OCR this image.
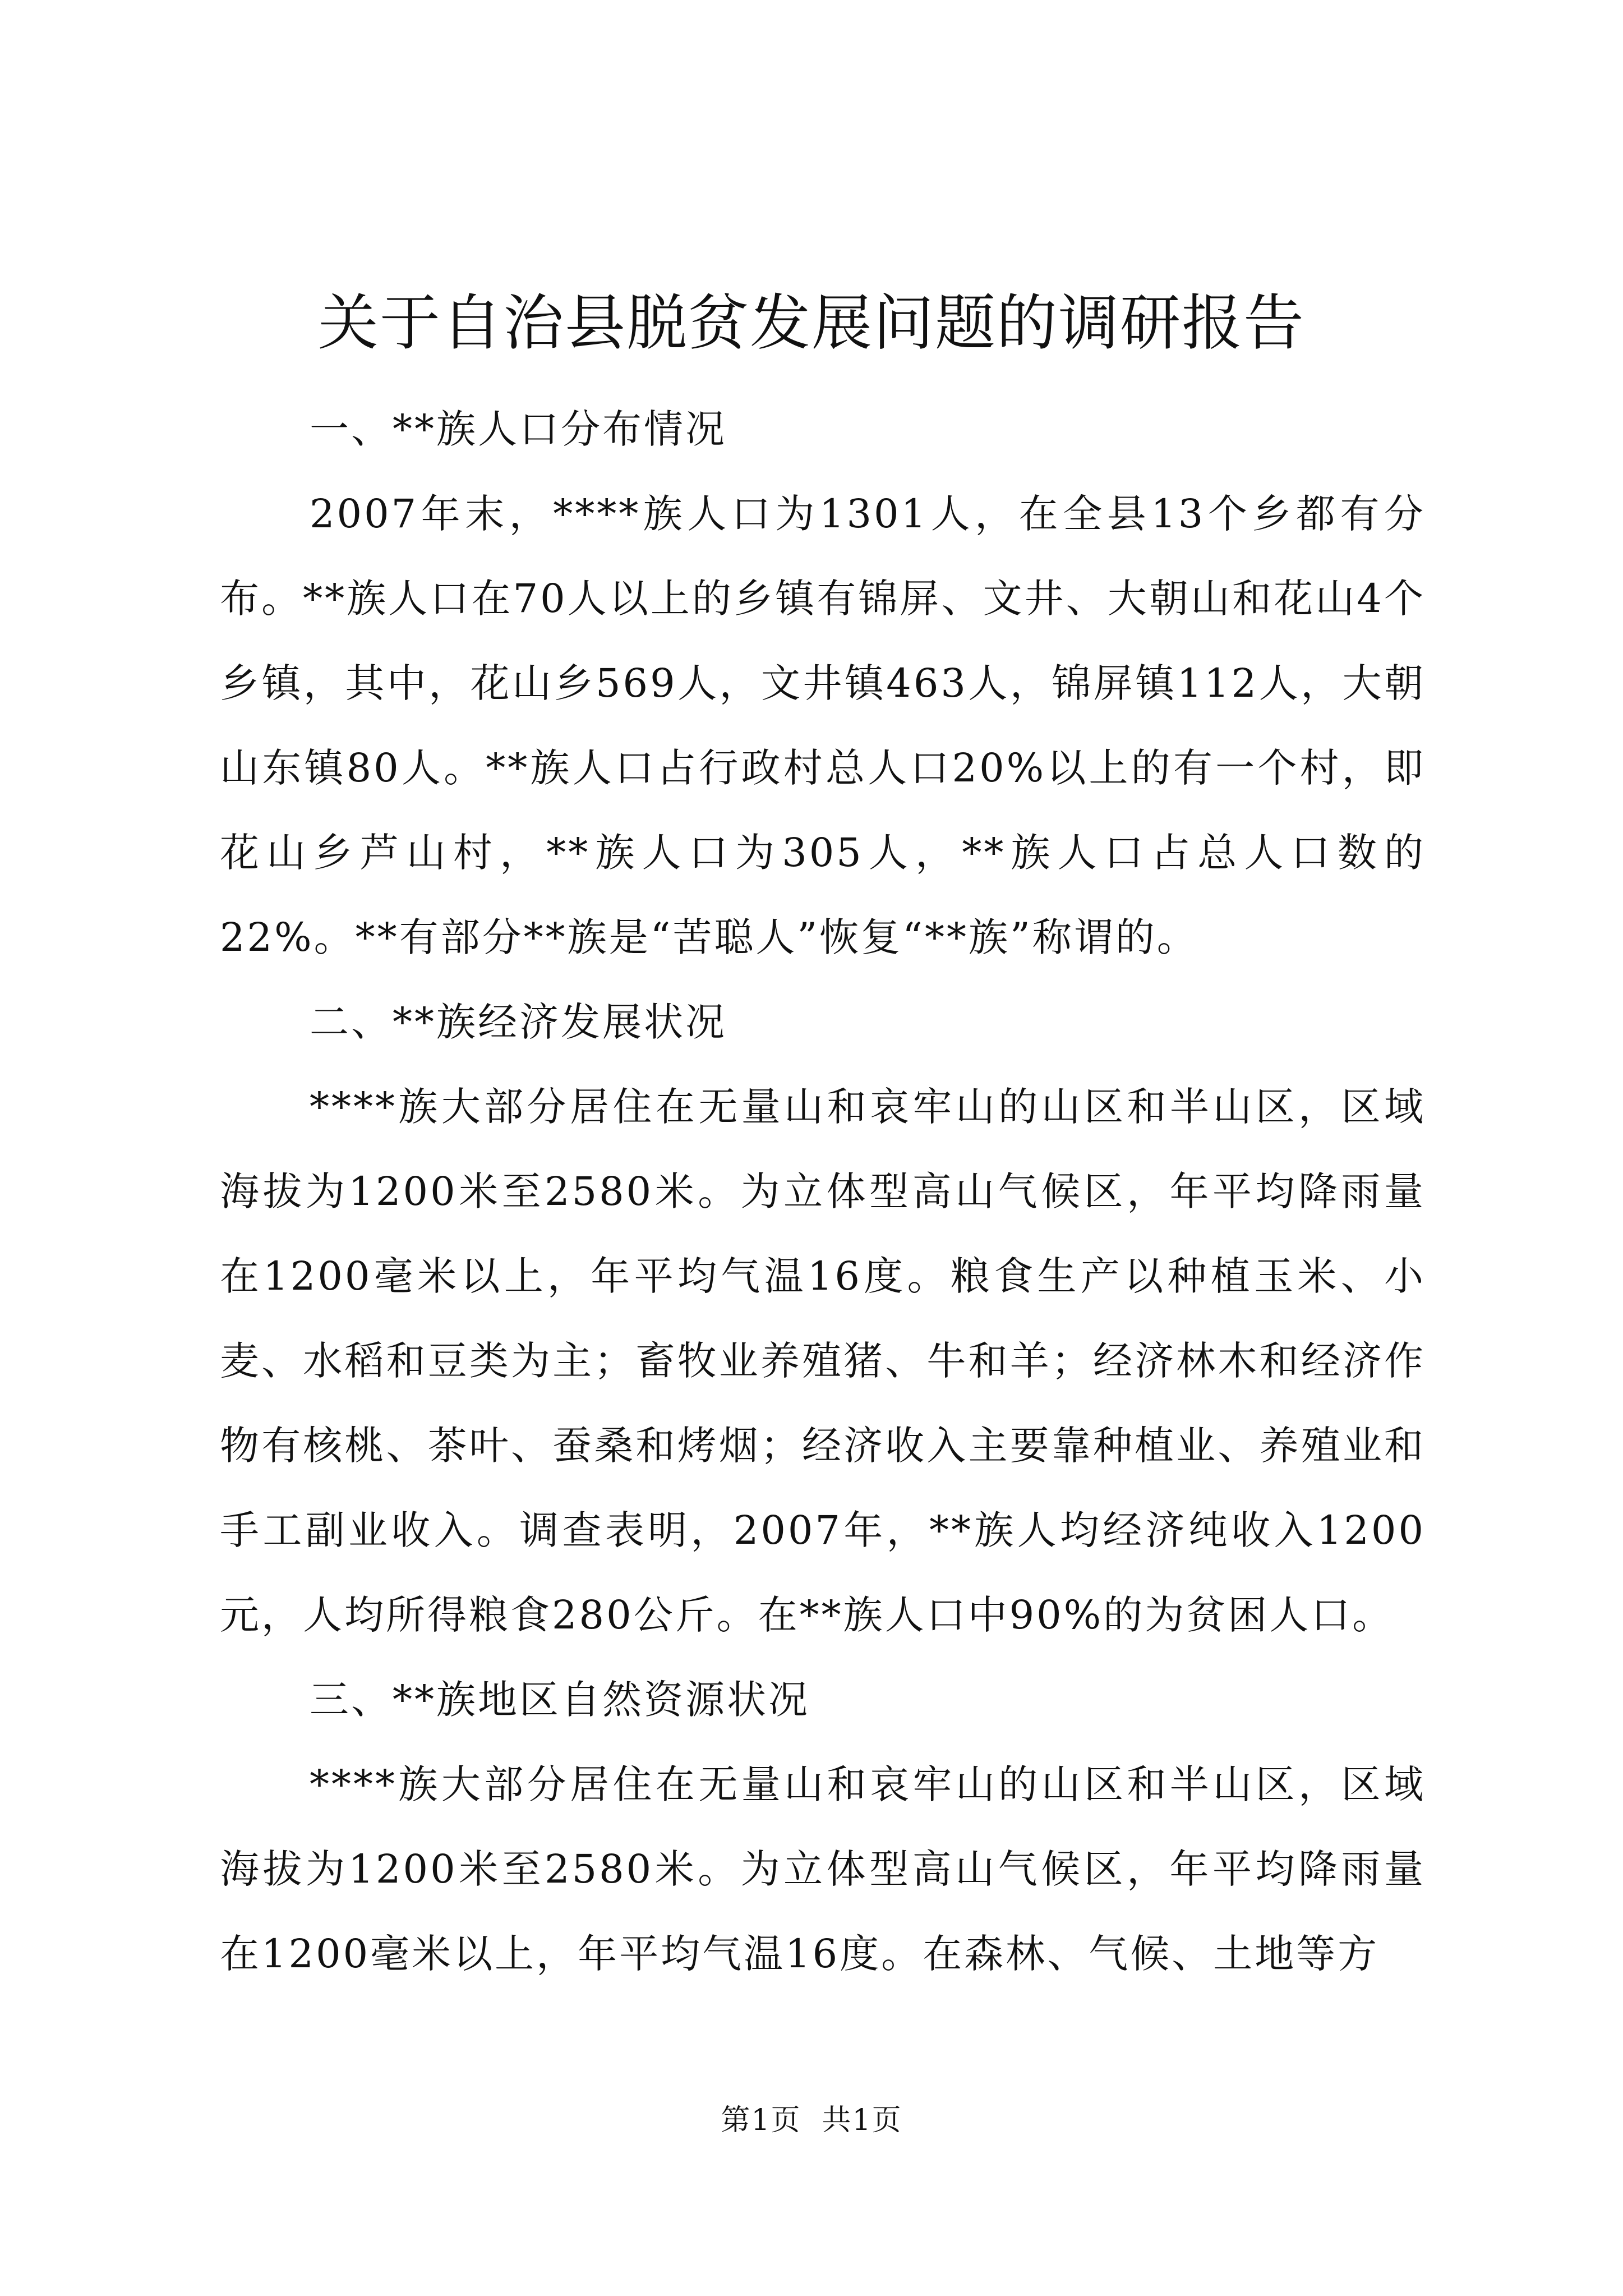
关于自治县脱贫发展问题的调研报告

一、**族人口分布情况

2007年末，****族人口为1301人，在全县13个乡都有分布。**族人口在70人以上的乡镇有锦屏、文井、大朝山和花山4个乡镇，其中，花山乡569人，文井镇463人，锦屏镇112人，大朝山东镇80人。**族人口占行政村总人口20%以上的有一个村，即花山乡芦山村，**族人口为305人，**族人口占总人口数的22%。**有部分**族是“苦聪人”恢复“**族”称谓的。

二、**族经济发展状况

****族大部分居住在无量山和哀牢山的山区和半山区，区域海拔为1200米至2580米。为立体型高山气候区，年平均降雨量在1200毫米以上，年平均气温16度。粮食生产以种植玉米、小麦、水稻和豆类为主；畜牧业养殖猪、牛和羊；经济林木和经济作物有核桃、茶叶、蚕桑和烤烟；经济收入主要靠种植业、养殖业和手工副业收入。调查表明，2007年，**族人均经济纯收入1200元，人均所得粮食280公斤。在**族人口中90%的为贫困人口。

三、**族地区自然资源状况

****族大部分居住在无量山和哀牢山的山区和半山区，区域海拔为1200米至2580米。为立体型高山气候区，年平均降雨量在1200毫米以上，年平均气温16度。在森林、气候、土地等方

第1页  共1页
